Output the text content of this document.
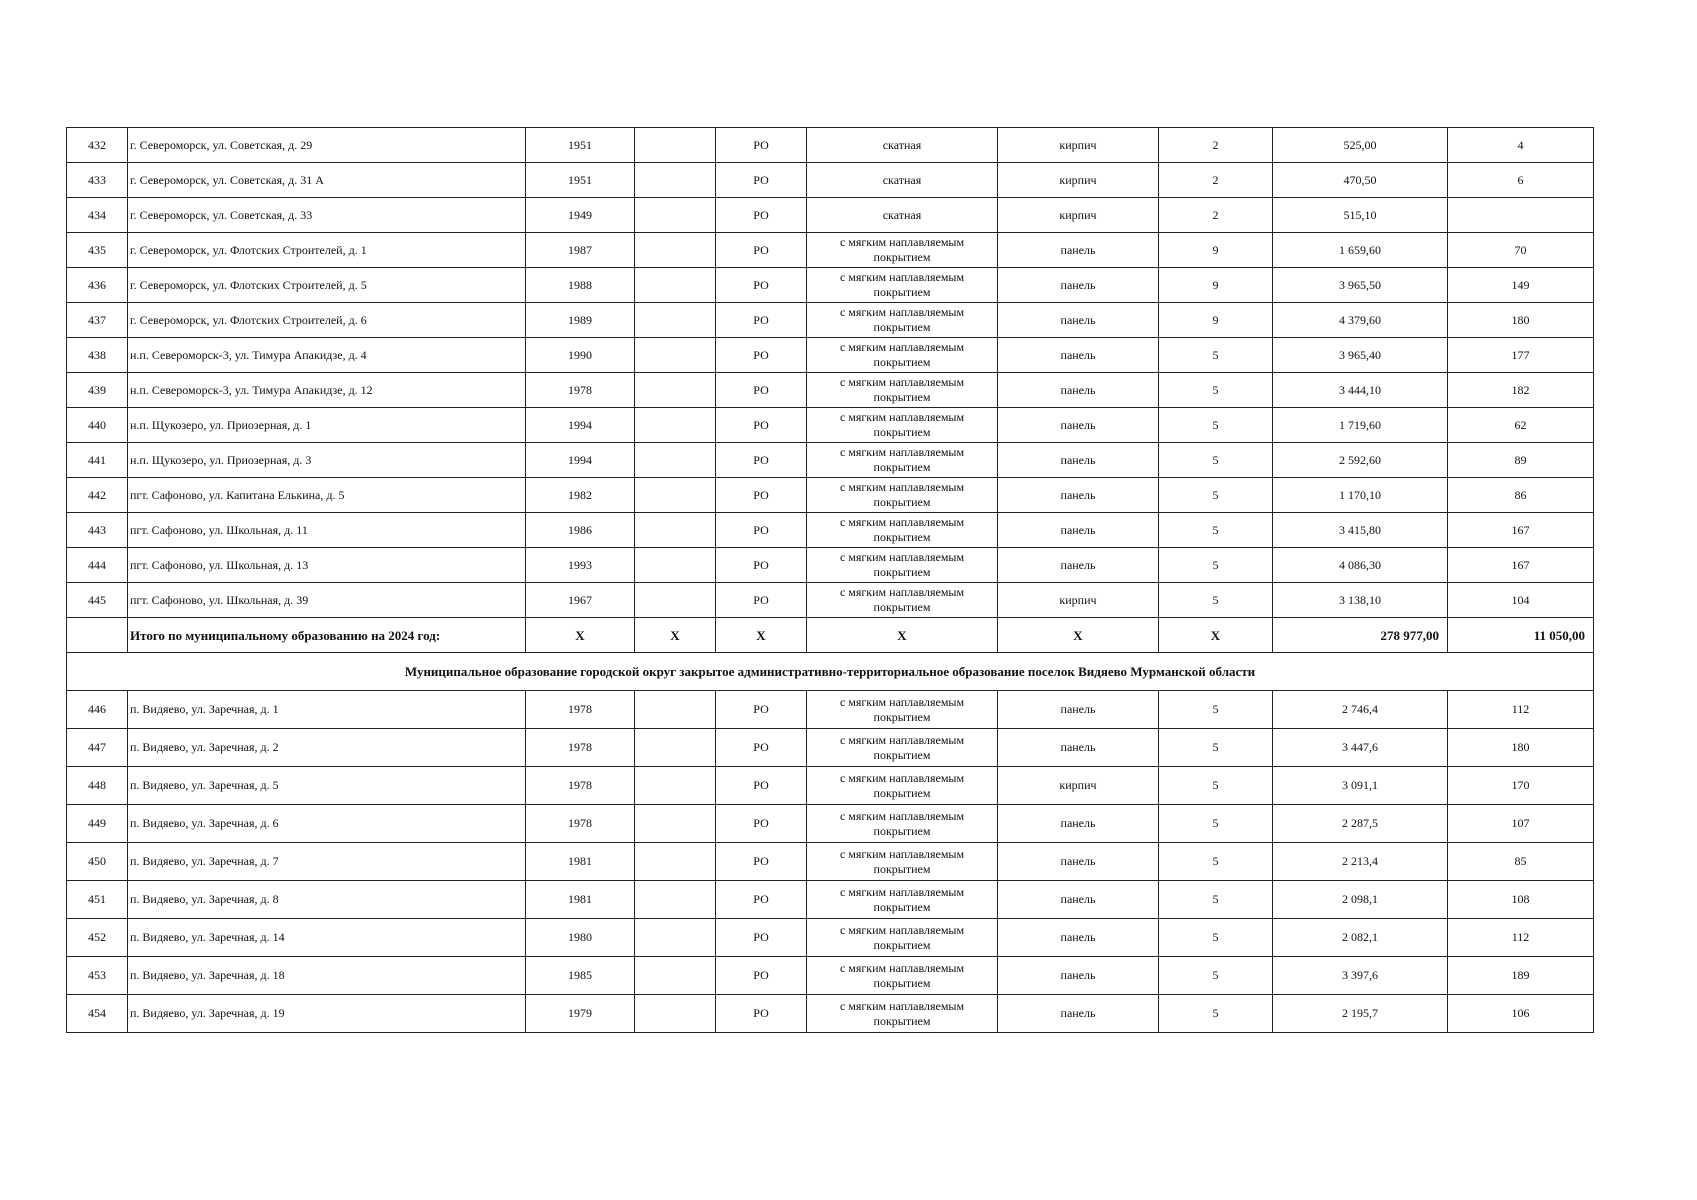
432	г. Североморск, ул. Советская, д. 29	1951		РО	скатная	кирпич	2	525,00	4
433	г. Североморск, ул. Советская, д. 31 А	1951		РО	скатная	кирпич	2	470,50	6
434	г. Североморск, ул. Советская, д. 33	1949		РО	скатная	кирпич	2	515,10	
435	г. Североморск, ул. Флотских Строителей, д. 1	1987		РО	с мягким наплавляемым покрытием	панель	9	1 659,60	70
436	г. Североморск, ул. Флотских Строителей, д. 5	1988		РО	с мягким наплавляемым покрытием	панель	9	3 965,50	149
437	г. Североморск, ул. Флотских Строителей, д. 6	1989		РО	с мягким наплавляемым покрытием	панель	9	4 379,60	180
438	н.п. Североморск-3, ул. Тимура Апакидзе, д. 4	1990		РО	с мягким наплавляемым покрытием	панель	5	3 965,40	177
439	н.п. Североморск-3, ул. Тимура Апакидзе, д. 12	1978		РО	с мягким наплавляемым покрытием	панель	5	3 444,10	182
440	н.п. Щукозеро, ул. Приозерная, д. 1	1994		РО	с мягким наплавляемым покрытием	панель	5	1 719,60	62
441	н.п. Щукозеро, ул. Приозерная, д. 3	1994		РО	с мягким наплавляемым покрытием	панель	5	2 592,60	89
442	пгт. Сафоново, ул. Капитана Елькина, д. 5	1982		РО	с мягким наплавляемым покрытием	панель	5	1 170,10	86
443	пгт. Сафоново, ул. Школьная, д. 11	1986		РО	с мягким наплавляемым покрытием	панель	5	3 415,80	167
444	пгт. Сафоново, ул. Школьная, д. 13	1993		РО	с мягким наплавляемым покрытием	панель	5	4 086,30	167
445	пгт. Сафоново, ул. Школьная, д. 39	1967		РО	с мягким наплавляемым покрытием	кирпич	5	3 138,10	104
	Итого по муниципальному образованию на 2024 год:	X	X	X	X	X	X	278 977,00	11 050,00
Муниципальное образование городской округ закрытое административно-территориальное образование поселок Видяево Мурманской области									
446	п. Видяево, ул. Заречная, д. 1	1978		РО	с мягким наплавляемым покрытием	панель	5	2 746,4	112
447	п. Видяево, ул. Заречная, д. 2	1978		РО	с мягким наплавляемым покрытием	панель	5	3 447,6	180
448	п. Видяево, ул. Заречная, д. 5	1978		РО	с мягким наплавляемым покрытием	кирпич	5	3 091,1	170
449	п. Видяево, ул. Заречная, д. 6	1978		РО	с мягким наплавляемым покрытием	панель	5	2 287,5	107
450	п. Видяево, ул. Заречная, д. 7	1981		РО	с мягким наплавляемым покрытием	панель	5	2 213,4	85
451	п. Видяево, ул. Заречная, д. 8	1981		РО	с мягким наплавляемым покрытием	панель	5	2 098,1	108
452	п. Видяево, ул. Заречная, д. 14	1980		РО	с мягким наплавляемым покрытием	панель	5	2 082,1	112
453	п. Видяево, ул. Заречная, д. 18	1985		РО	с мягким наплавляемым покрытием	панель	5	3 397,6	189
454	п. Видяево, ул. Заречная, д. 19	1979		РО	с мягким наплавляемым покрытием	панель	5	2 195,7	106
